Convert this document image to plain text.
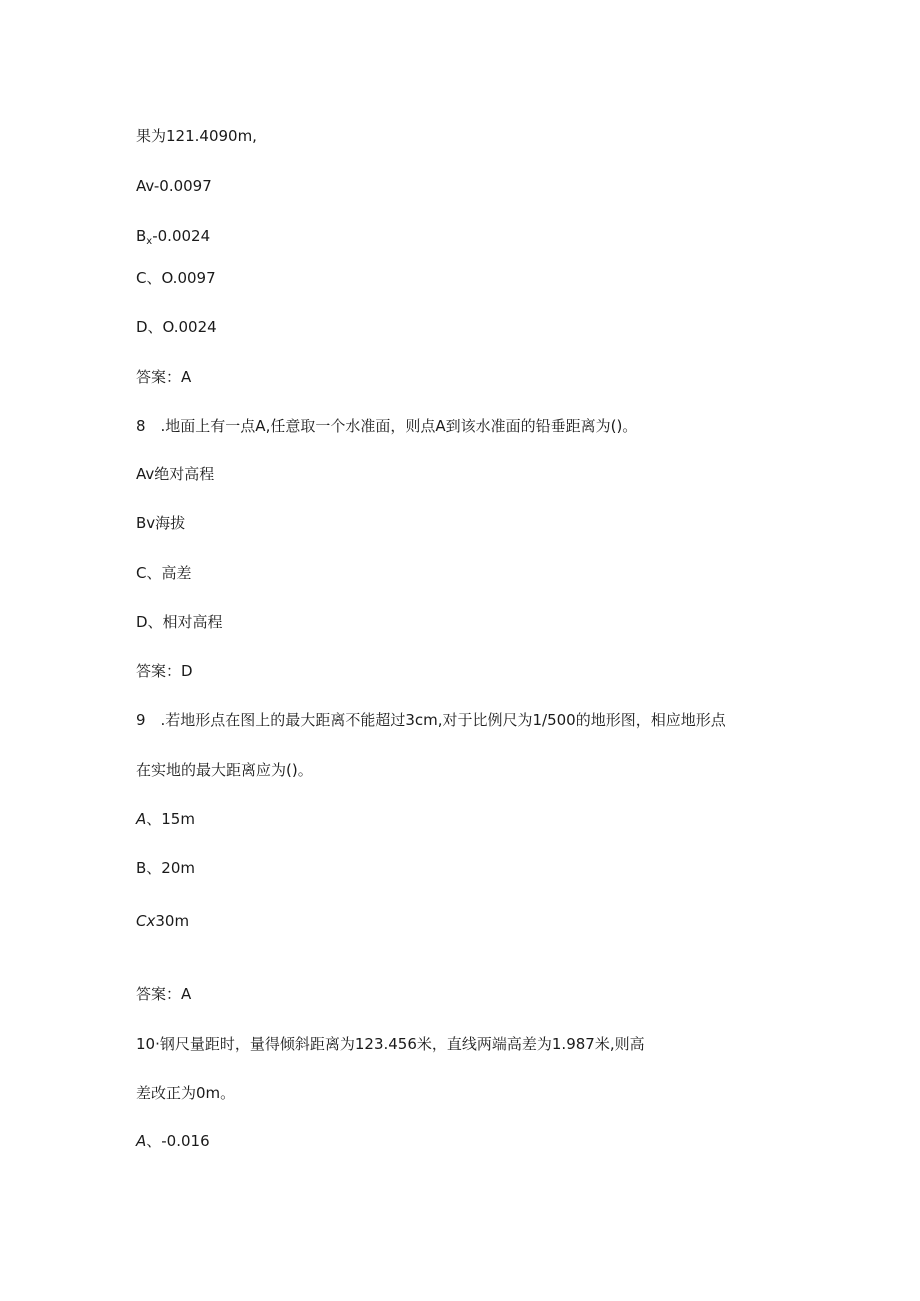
果为121.4090m,
Av-0.0097
$B_x-0.0024$
C、O.0097
D、O.0024
答案：A
8　.地面上有一点A,任意取一个水准面，则点A到该水准面的铅垂距离为()。
Av绝对高程
Bv海拔
C、高差
D、相对高程
答案：D
9　.若地形点在图上的最大距离不能超过3cm,对于比例尺为1/500的地形图，相应地形点
在实地的最大距离应为()。
A、15m
B、20m
Cx30m
答案：A
10·钢尺量距时，量得倾斜距离为123.456米，直线两端高差为1.987米,则高
差改正为0m。
A、-0.016
